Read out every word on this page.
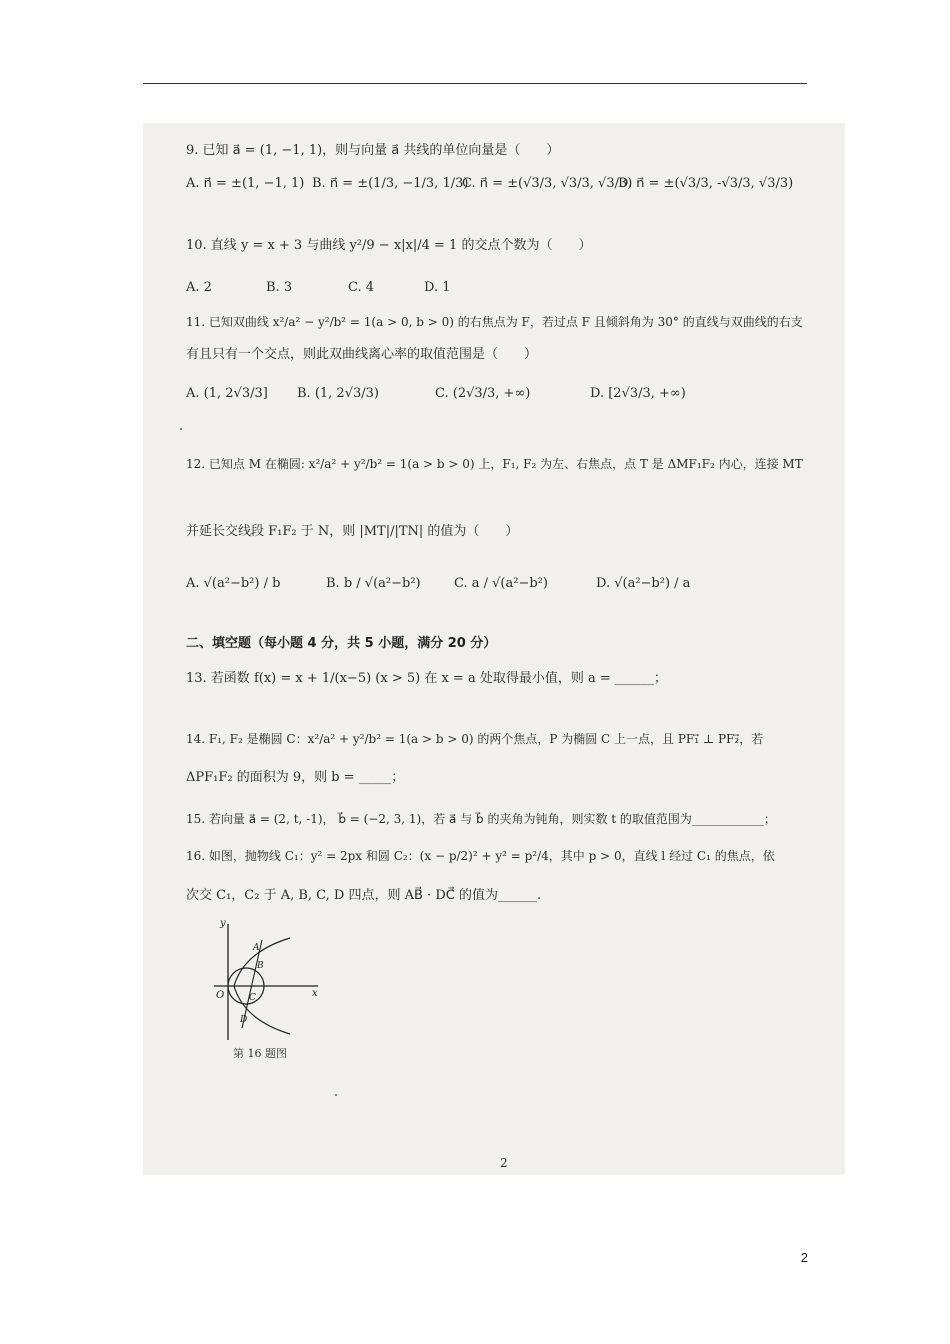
9. 已知 a⃗ = (1, −1, 1)，则与向量 a⃗ 共线的单位向量是（　　）
A. n⃗ = ±(1, −1, 1) B. n⃗ = ±(1/3, −1/3, 1/3)
C. n⃗ = ±(√3/3, √3/3, √3/3)
D. n⃗ = ±(√3/3, -√3/3, √3/3)
10. 直线 y = x + 3 与曲线 y²/9 − x|x|/4 = 1 的交点个数为（　　）
A. 2	B. 3	C. 4	D. 1
11. 已知双曲线 x²/a² − y²/b² = 1(a > 0, b > 0) 的右焦点为 F，若过点 F 且倾斜角为 30° 的直线与双曲线的右支
有且只有一个交点，则此双曲线离心率的取值范围是（　　）
A. (1, 2√3/3] B. (1, 2√3/3)	C. (2√3/3, +∞)	D. [2√3/3, +∞)
12. 已知点 M 在椭圆: x²/a² + y²/b² = 1(a > b > 0) 上，F₁, F₂ 为左、右焦点，点 T 是 ΔMF₁F₂ 内心，连接 MT
并延长交线段 F₁F₂ 于 N，则 |MT|/|TN| 的值为（　　）
A. √(a²−b²) / b	B. b / √(a²−b²)	C. a / √(a²−b²)	D. √(a²−b²) / a
二、填空题（每小题 4 分，共 5 小题，满分 20 分）
13. 若函数 f(x) = x + 1/(x−5) (x > 5) 在 x = a 处取得最小值，则 a = ______；
14. F₁, F₂ 是椭圆 C：x²/a² + y²/b² = 1(a > b > 0) 的两个焦点，P 为椭圆 C 上一点，且 PF₁⃗ ⊥ PF₂⃗，若
ΔPF₁F₂ 的面积为 9，则 b = _____；
15. 若向量 a⃗ = (2, t, -1)， b⃗ = (−2, 3, 1)，若 a⃗ 与 b⃗ 的夹角为钝角，则实数 t 的取值范围为____________；
16. 如图，抛物线 C₁：y² = 2px 和圆 C₂：(x − p/2)² + y² = p²/4，其中 p > 0，直线 l 经过 C₁ 的焦点，依
次交 C₁，C₂ 于 A, B, C, D 四点，则 AB⃗ · DC⃗ 的值为______.
y
x
O
A
B
C
D
第 16 题图
2
2
